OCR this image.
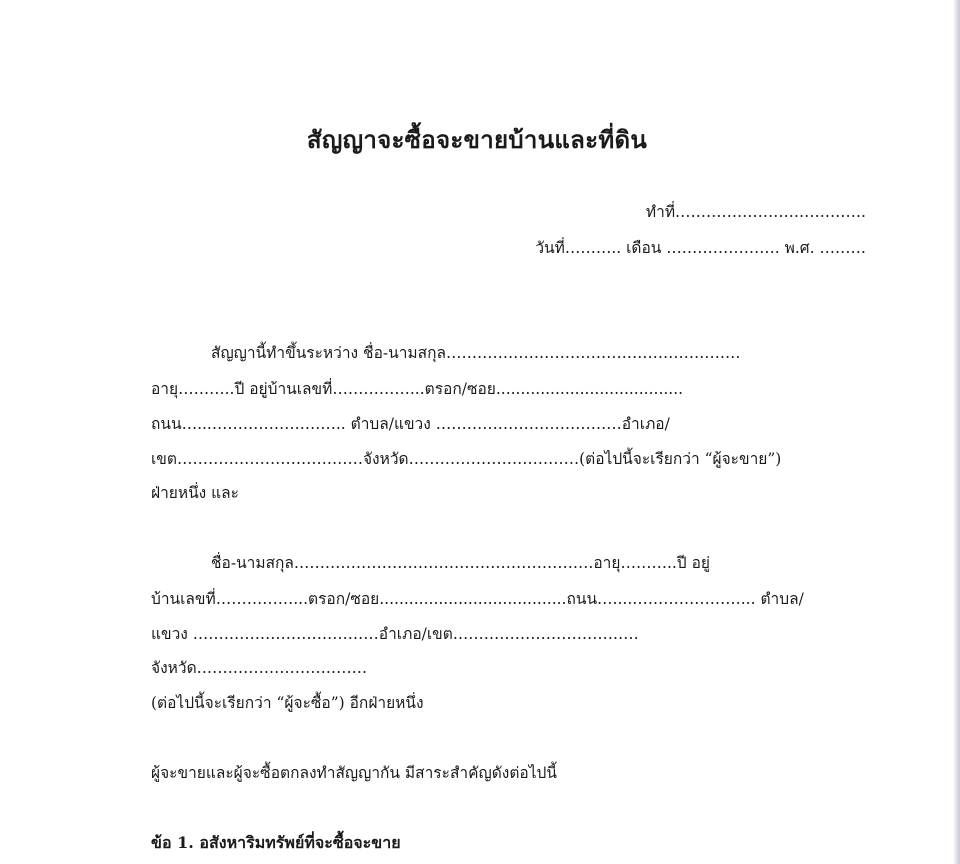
สัญญาจะซื้อจะขายบ้านและที่ดิน
ทำที่……………………………….
วันที่……….. เดือน …………………. พ.ศ. ………
สัญญานี้ทำขึ้นระหว่าง ชื่อ-นามสกุล…………………………………………………
อายุ………..ปี อยู่บ้านเลขที่……………...ตรอก/ซอย......................................
ถนน…...…………………….. ตำบล/แขวง ………………………………อำเภอ/
เขต………………………………จังหวัด……………………………(ต่อไปนี้จะเรียกว่า “ผู้จะขาย”)
ฝ่ายหนึ่ง และ
ชื่อ-นามสกุล………………………………………………….อายุ………..ปี อยู่
บ้านเลขที่……………...ตรอก/ซอย......................................ถนน…....…………………... ตำบล/
แขวง ………………………………อำเภอ/เขต………………………………
จังหวัด……………………………
(ต่อไปนี้จะเรียกว่า “ผู้จะซื้อ”) อีกฝ่ายหนึ่ง
ผู้จะขายและผู้จะซื้อตกลงทำสัญญากัน มีสาระสำคัญดังต่อไปนี้
ข้อ 1. อสังหาริมทรัพย์ที่จะซื้อจะขาย
